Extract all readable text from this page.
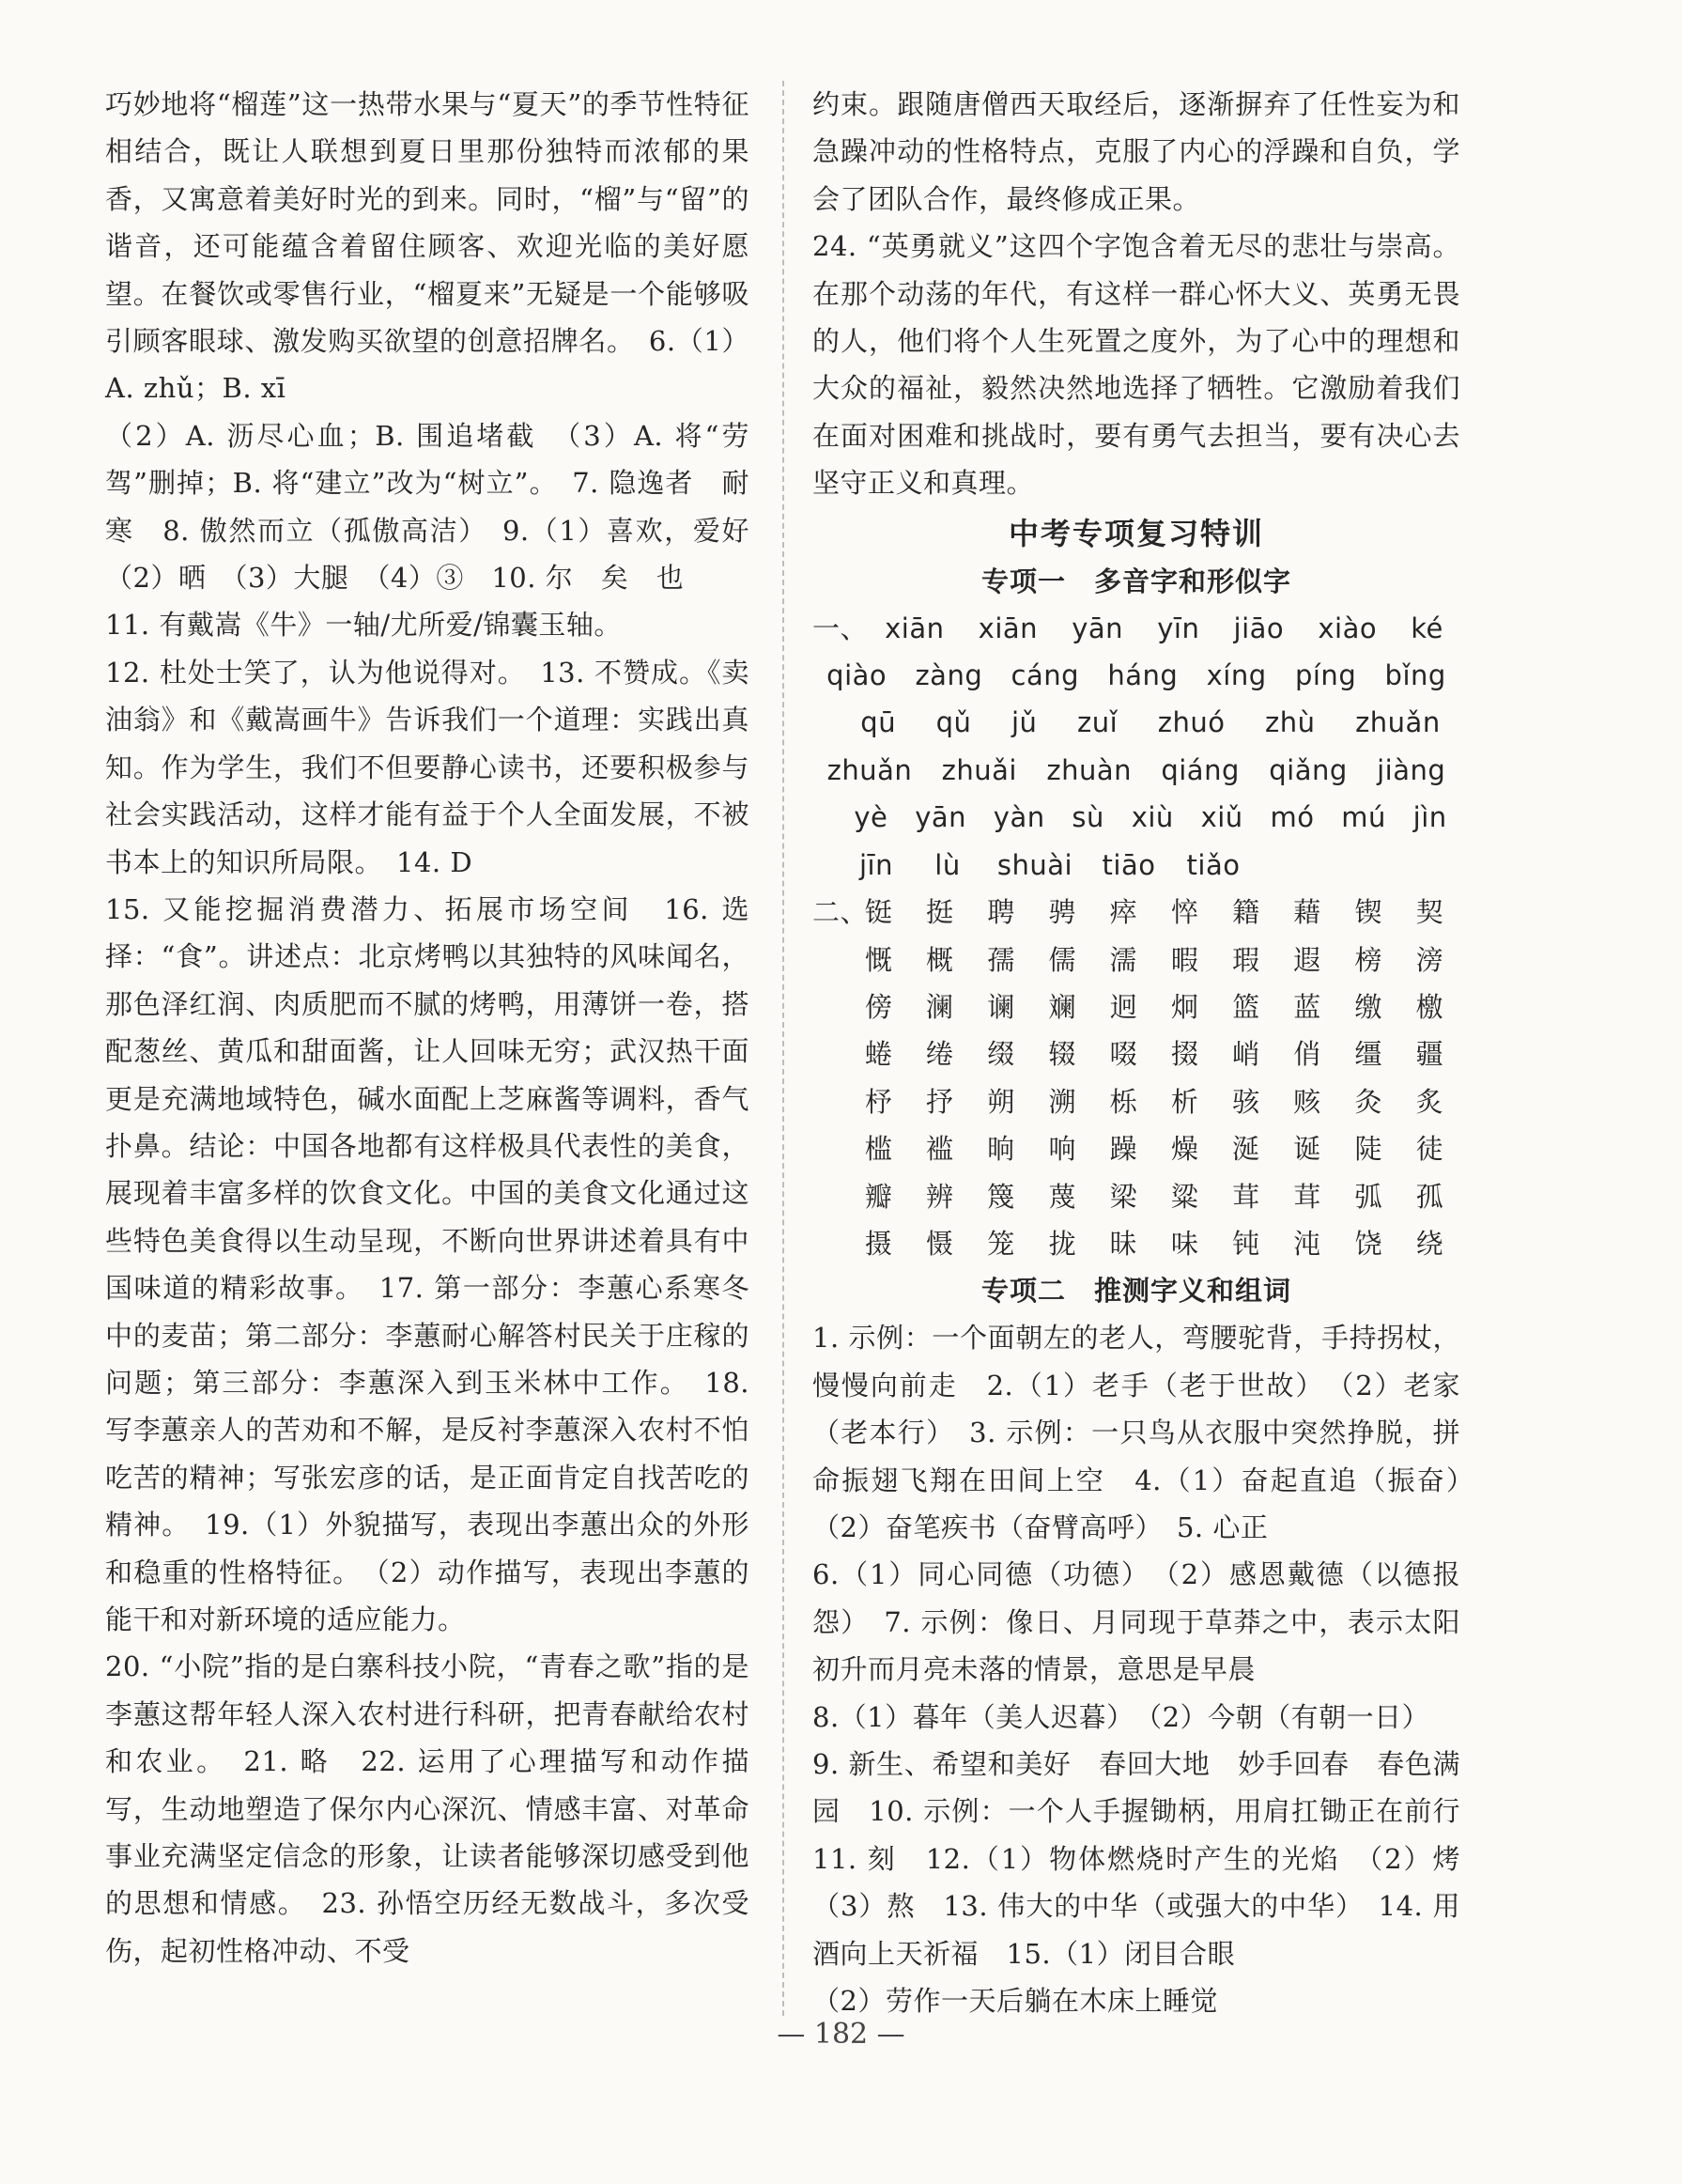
巧妙地将“榴莲”这一热带水果与“夏天”的季节性特征相结合，既让人联想到夏日里那份独特而浓郁的果香，又寓意着美好时光的到来。同时，“榴”与“留”的谐音，还可能蕴含着留住顾客、欢迎光临的美好愿望。在餐饮或零售行业，“榴夏来”无疑是一个能够吸引顾客眼球、激发购买欲望的创意招牌名。　6.（1）A. zhǔ；B. xī

（2）A. 沥尽心血；B. 围追堵截　（3）A. 将“劳驾”删掉；B. 将“建立”改为“树立”。　7. 隐逸者　耐寒　8. 傲然而立（孤傲高洁）　9.（1）喜欢，爱好（2）晒　（3）大腿　（4）③　10. 尔　矣　也

11. 有戴嵩《牛》一轴/尤所爱/锦囊玉轴。

12. 杜处士笑了，认为他说得对。　13. 不赞成。《卖油翁》和《戴嵩画牛》告诉我们一个道理：实践出真知。作为学生，我们不但要静心读书，还要积极参与社会实践活动，这样才能有益于个人全面发展，不被书本上的知识所局限。　14. D

15. 又能挖掘消费潜力、拓展市场空间　16. 选择：“食”。讲述点：北京烤鸭以其独特的风味闻名，那色泽红润、肉质肥而不腻的烤鸭，用薄饼一卷，搭配葱丝、黄瓜和甜面酱，让人回味无穷；武汉热干面更是充满地域特色，碱水面配上芝麻酱等调料，香气扑鼻。结论：中国各地都有这样极具代表性的美食，展现着丰富多样的饮食文化。中国的美食文化通过这些特色美食得以生动呈现，不断向世界讲述着具有中国味道的精彩故事。　17. 第一部分：李蕙心系寒冬中的麦苗；第二部分：李蕙耐心解答村民关于庄稼的问题；第三部分：李蕙深入到玉米林中工作。　18. 写李蕙亲人的苦劝和不解，是反衬李蕙深入农村不怕吃苦的精神；写张宏彦的话，是正面肯定自找苦吃的精神。　19.（1）外貌描写，表现出李蕙出众的外形和稳重的性格特征。　（2）动作描写，表现出李蕙的能干和对新环境的适应能力。

20. “小院”指的是白寨科技小院，“青春之歌”指的是李蕙这帮年轻人深入农村进行科研，把青春献给农村和农业。　21. 略　22. 运用了心理描写和动作描写，生动地塑造了保尔内心深沉、情感丰富、对革命事业充满坚定信念的形象，让读者能够深切感受到他的思想和情感。　23. 孙悟空历经无数战斗，多次受伤，起初性格冲动、不受

约束。跟随唐僧西天取经后，逐渐摒弃了任性妄为和急躁冲动的性格特点，克服了内心的浮躁和自负，学会了团队合作，最终修成正果。

24. “英勇就义”这四个字饱含着无尽的悲壮与崇高。在那个动荡的年代，有这样一群心怀大义、英勇无畏的人，他们将个人生死置之度外，为了心中的理想和大众的福祉，毅然决然地选择了牺牲。它激励着我们在面对困难和挑战时，要有勇气去担当，要有决心去坚守正义和真理。

中考专项复习特训
专项一　多音字和形似字
一、 xiān	xiān	yān	yīn	jiāo	xiào	ké
qiào	zàng	cáng	háng	xíng	píng	bǐng
qū	qǔ	jǔ	zuǐ	zhuó	zhù	zhuǎn
zhuǎn	zhuǎi	zhuàn	qiáng	qiǎng	jiàng
yè yān yàn sù xiù xiǔ mó mú jìn
jīn	lù	shuài	tiāo	tiǎo
二、
铤	挺	聘	骋	瘁	悴	籍	藉	锲	契
慨	概	孺	儒	濡	暇	瑕	遐	榜	滂
傍	澜	谰	斓	迥	炯	篮	蓝	缴	檄
蜷	绻	缀	辍	啜	掇	峭	俏	缰	疆
杼	抒	朔	溯	栎	析	骇	赅	灸	炙
槛	褴	晌	响	躁	燥	涎	诞	陡	徒
瓣	辨	篾	蔑	梁	粱	茸	茸	弧	孤
摄	慑	笼	拢	昧	味	钝	沌	饶	绕
专项二　推测字义和组词

1. 示例：一个面朝左的老人，弯腰驼背，手持拐杖，慢慢向前走　2.（1）老手（老于世故）　（2）老家（老本行）　3. 示例：一只鸟从衣服中突然挣脱，拼命振翅飞翔在田间上空　4.（1）奋起直追（振奋）　（2）奋笔疾书（奋臂高呼）　5. 心正

6.（1）同心同德（功德）　（2）感恩戴德（以德报怨）　7. 示例：像日、月同现于草莽之中，表示太阳初升而月亮未落的情景，意思是早晨

8.（1）暮年（美人迟暮）　（2）今朝（有朝一日）

9. 新生、希望和美好　春回大地　妙手回春　春色满园　10. 示例：一个人手握锄柄，用肩扛锄正在前行　11. 刻　12.（1）物体燃烧时产生的光焰　（2）烤　（3）熬　13. 伟大的中华（或强大的中华）　14. 用酒向上天祈福　15.（1）闭目合眼

（2）劳作一天后躺在木床上睡觉

— 182 —
